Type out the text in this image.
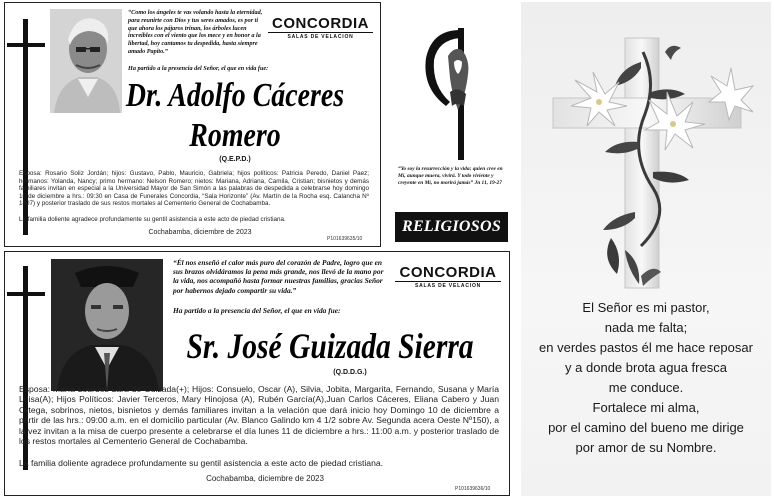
“Como los ángeles te vas volando hasta la eternidad, para reunirte con Dios y tus seres amados, es por ti que ahora los pájaros trinan, los árboles lucen increíbles con el viento que los mece y en honor a la libertad, hoy cantamos tu despedida, hasta siempre amado Papito.”
Ha partido a la presencia del Señor, el que en vida fue:
CONCORDIA
SALAS DE VELACION
Dr. Adolfo Cáceres
Romero
(Q.E.P.D.)
Esposa: Rosario Soliz Jordán; hijos: Gustavo, Pablo, Mauricio, Gabriela; hijos políticos: Patricia Peredo, Daniel Paez; hermanos: Yolanda, Nancy; primo hermano: Nelson Romero; nietos: Mariana, Adriana, Camila, Cristian; bisnietos y demás familiares invitan en especial a la Universidad Mayor de San Simón a las palabras de despedida a celebrarse hoy domingo 10 de diciembre a hrs.: 09:30 en Casa de Funerales Concordia, “Sala Horizonte” (Av. Martín de la Rocha esq. Calancha Nº 1407) y posterior traslado de sus restos mortales al Cementerio General de Cochabamba.
La familia doliente agradece profundamente su gentil asistencia a este acto de piedad cristiana.
Cochabamba, diciembre de 2023
P101639635/10
“Yo soy la resurrección y la vida; quien cree en Mí, aunque muera, vivirá. Y todo viviente y creyente en Mí, no morirá jamás” Jn 11, 19-27
RELIGIOSOS
“Él nos enseñó el calor más puro del corazón de Padre, logro que en sus brazos olvidáramos la pena más grande, nos llevó de la mano por la vida, nos acompañó hasta formar nuestras familias, gracias Señor por habernos dejado compartir su vida.”
Ha partido a la presencia del Señor, el que en vida fue:
CONCORDIA
SALAS DE VELACION
Sr. José Guizada Sierra
(Q.D.D.G.)
Esposa: María Lourdes Lara de Guizada(+); Hijos: Consuelo, Oscar (A), Silvia, Jobita, Margarita, Fernando, Susana y María Luisa(A); Hijos Políticos: Javier Terceros, Mary Hinojosa (A), Rubén García(A),Juan Carlos Cáceres, Eliana Cabero y Juan Ortega, sobrinos, nietos, bisnietos y demás familiares invitan a la velación que dará inicio hoy Domingo 10 de diciembre a partir de las hrs.: 09:00 a.m. en el domicilio particular (Av. Blanco Galindo km 4 1/2 sobre Av. Segunda acera Oeste Nº150), a la vez invitan a la misa de cuerpo presente a celebrarse el día lunes 11 de diciembre a hrs.: 11:00 a.m. y posterior traslado de los restos mortales al Cementerio General de Cochabamba.
La familia doliente agradece profundamente su gentil asistencia a este acto de piedad cristiana.
Cochabamba, diciembre de 2023
P101639636/10
El Señor es mi pastor,
nada me falta;
en verdes pastos él me hace reposar
y a donde brota agua fresca
me conduce.
Fortalece mi alma,
por el camino del bueno me dirige
por amor de su Nombre.
